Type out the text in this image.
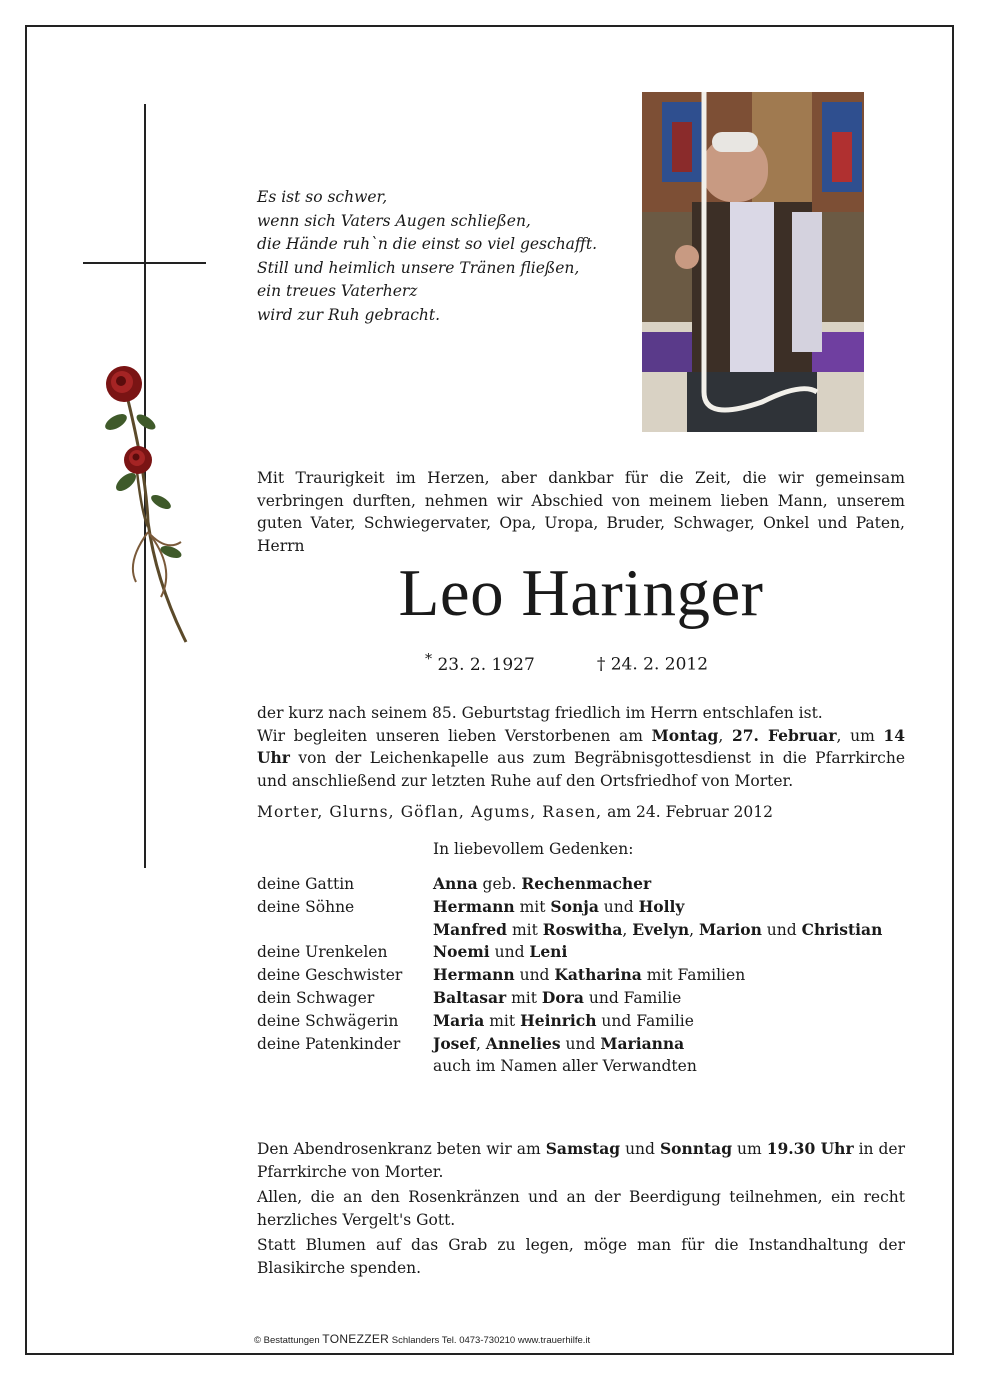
Es ist so schwer,
wenn sich Vaters Augen schließen,
die Hände ruh`n die einst so viel geschafft.
Still und heimlich unsere Tränen fließen,
ein treues Vaterherz
wird zur Ruh gebracht.
Mit Traurigkeit im Herzen, aber dankbar für die Zeit, die wir gemeinsam verbringen durften, nehmen wir Abschied von meinem lieben Mann, unserem guten Vater, Schwiegervater, Opa, Uropa, Bruder, Schwager, Onkel und Paten, Herrn
Leo Haringer
* 23. 2. 1927	† 24. 2. 2012

der kurz nach seinem 85. Geburtstag friedlich im Herrn entschlafen ist.

Wir begleiten unseren lieben Verstorbenen am Montag, 27. Februar, um 14 Uhr von der Leichenkapelle aus zum Begräbnisgottesdienst in die Pfarrkirche und anschließend zur letzten Ruhe auf den Ortsfriedhof von Morter.

Morter, Glurns, Göflan, Agums, Rasen, am 24. Februar 2012
In liebevollem Gedenken:
deine Gattin	Anna geb. Rechenmacher
deine Söhne	Hermann mit Sonja und Holly
Manfred mit Roswitha, Evelyn, Marion und Christian
deine Urenkelen	Noemi und Leni
deine Geschwister	Hermann und Katharina mit Familien
dein Schwager	Baltasar mit Dora und Familie
deine Schwägerin	Maria mit Heinrich und Familie
deine Patenkinder	Josef, Annelies und Marianna
auch im Namen aller Verwandten

Den Abendrosenkranz beten wir am Samstag und Sonntag um 19.30 Uhr in der Pfarrkirche von Morter.

Allen, die an den Rosenkränzen und an der Beerdigung teilnehmen, ein recht herzliches Vergelt's Gott.

Statt Blumen auf das Grab zu legen, möge man für die Instandhaltung der Blasikirche spenden.

© Bestattungen TONEZZER Schlanders Tel. 0473-730210 www.trauerhilfe.it
